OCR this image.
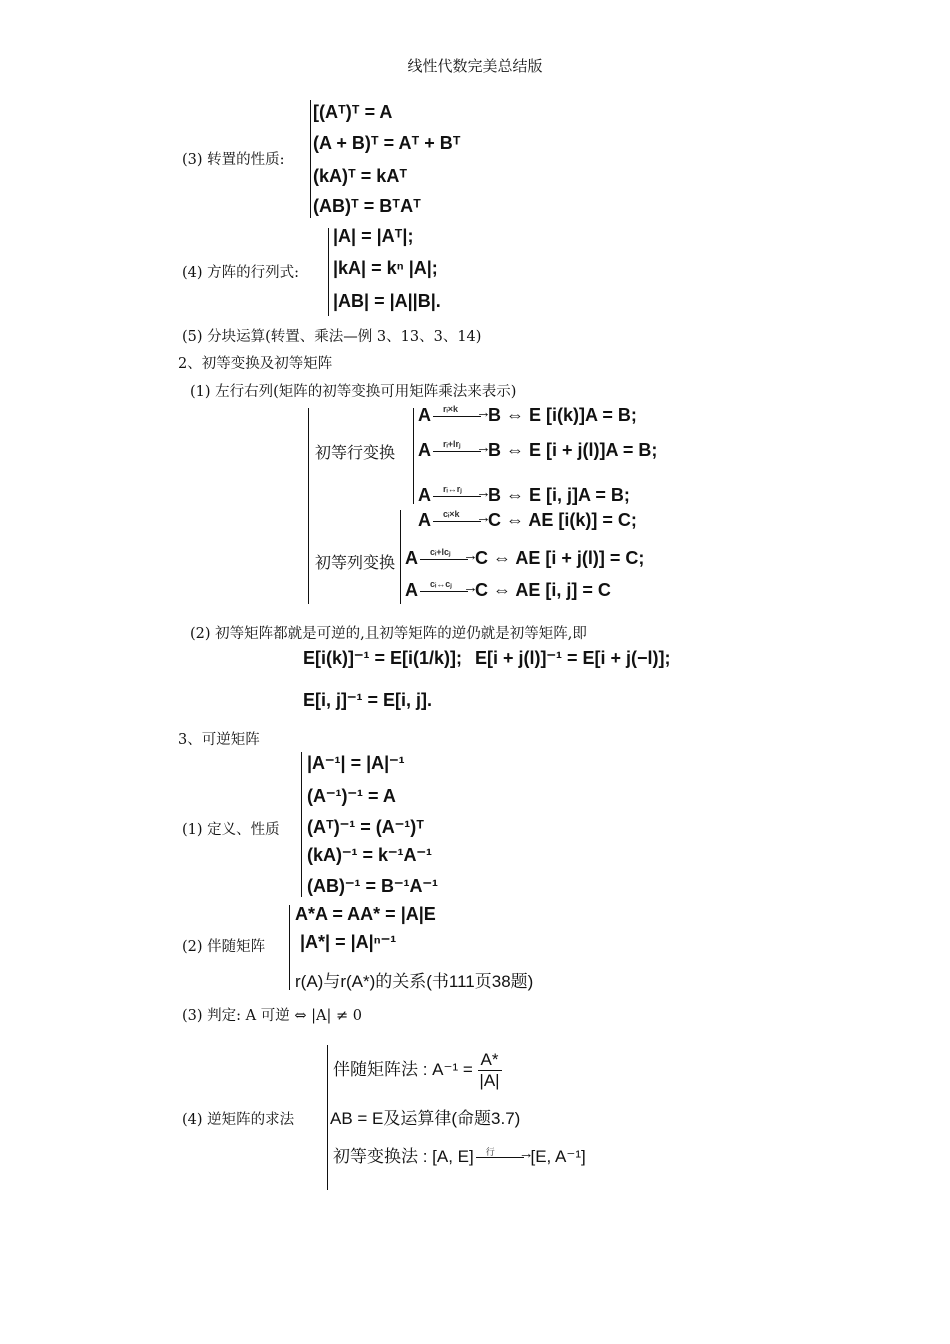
线性代数完美总结版
(3) 转置的性质:
[(Aᵀ)ᵀ = A
(A + B)ᵀ = Aᵀ + Bᵀ
(kA)ᵀ = kAᵀ
(AB)ᵀ = BᵀAᵀ
(4) 方阵的行列式:
|A| = |Aᵀ|;
|kA| = kⁿ |A|;
|AB| = |A||B|.
(5) 分块运算(转置、乘法—例 3、13、3、14)
2、初等变换及初等矩阵
(1) 左行右列(矩阵的初等变换可用矩阵乘法来表示)
初等行变换
初等列变换
A rᵢ×k
→ B ⇔ E [i(k)]A = B;
A rᵢ+lrⱼ
→ B ⇔ E [i + j(l)]A = B;
A rᵢ↔rⱼ
→ B ⇔ E [i, j]A = B;
A cᵢ×k
→ C ⇔ AE [i(k)] = C;
A cᵢ+lcⱼ
→ C ⇔ AE [i + j(l)] = C;
A cᵢ↔cⱼ
→ C ⇔ AE [i, j] = C
(2) 初等矩阵都就是可逆的,且初等矩阵的逆仍就是初等矩阵,即
E[i(k)]⁻¹ = E[i(1/k)]; E[i + j(l)]⁻¹ = E[i + j(−l)];
E[i, j]⁻¹ = E[i, j].
3、可逆矩阵
(1) 定义、性质
|A⁻¹| = |A|⁻¹
(A⁻¹)⁻¹ = A
(Aᵀ)⁻¹ = (A⁻¹)ᵀ
(kA)⁻¹ = k⁻¹A⁻¹
(AB)⁻¹ = B⁻¹A⁻¹
(2) 伴随矩阵
A*A = AA* = |A|E
|A*| = |A|ⁿ⁻¹
r(A)与r(A*)的关系(书111页38题)
(3) 判定: A 可逆 ⇔ |A| ≠ 0
(4) 逆矩阵的求法
伴随矩阵法 : $A^{-1} = \frac{A*}{|A|}$
AB = E及运算律(命题3.7)
初等变换法 : [A, E] 行
→ [E, A⁻¹]
